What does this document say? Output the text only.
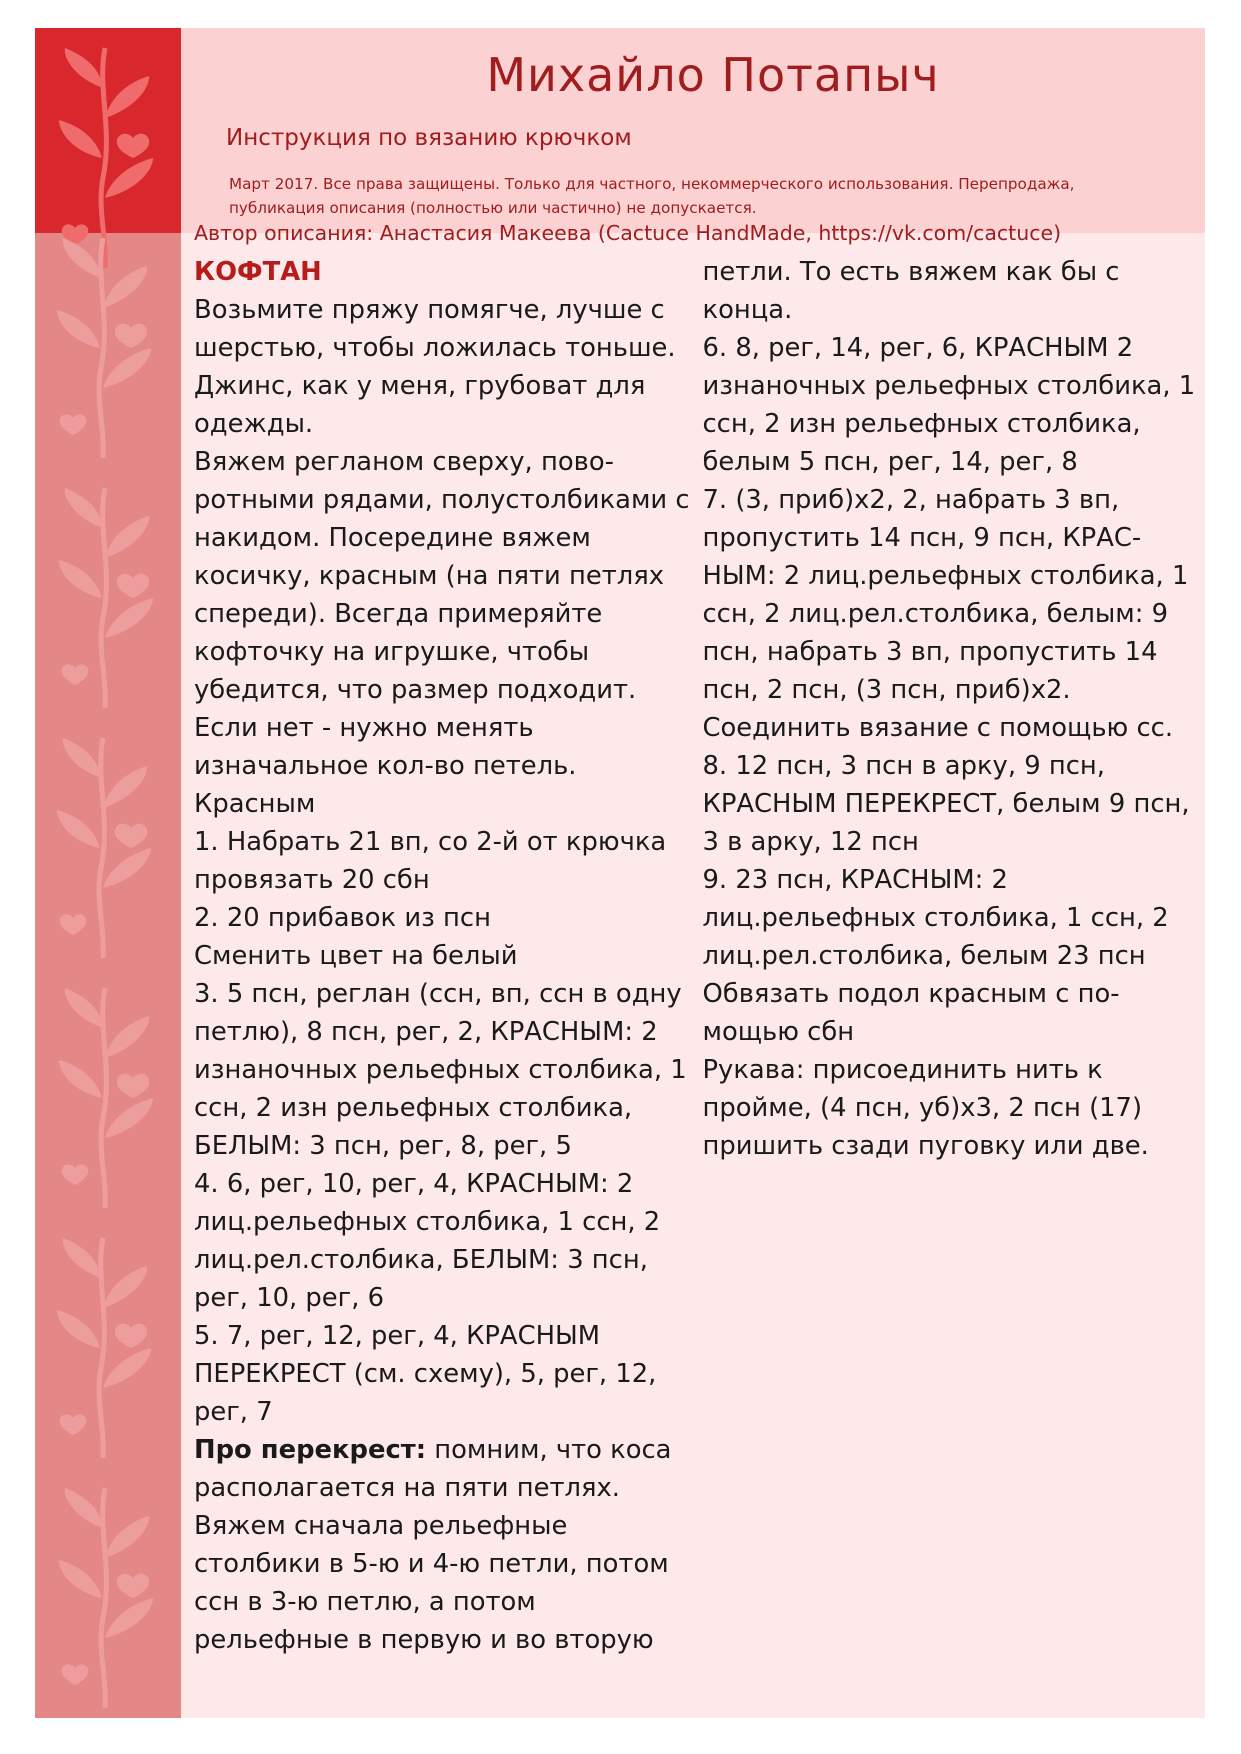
Михайло Потапыч
Инструкция по вязанию крючком
Март 2017. Все права защищены. Только для частного, некоммерческого использования. Перепродажа, публикация описания (полностью или частично) не допускается.
Автор описания: Анастасия Макеева (Cactuce HandMade, https://vk.com/cactuce)

КОФТАН

Возьмите пряжу помягче, лучше с шерстью, чтобы ложилась тоньше. Джинс, как у меня, грубоват для одежды.

Вяжем регланом сверху, поворотными рядами, полустолбиками с накидом. Посередине вяжем косичку, красным (на пяти петлях спереди). Всегда примеряйте кофточку на игрушке, чтобы убедится, что размер подходит. Если нет - нужно менять изначальное кол-во петель.

Красным

1. Набрать 21 вп, со 2-й от крючка провязать 20 сбн

2. 20 прибавок из псн

Сменить цвет на белый

3. 5 псн, реглан (ссн, вп, ссн в одну петлю), 8 псн, рег, 2, КРАСНЫМ: 2 изнаночных рельефных столбика, 1 ссн, 2 изн рельефных столбика, БЕЛЫМ: 3 псн, рег, 8, рег, 5

4. 6, рег, 10, рег, 4, КРАСНЫМ: 2 лиц.рельефных столбика, 1 ссн, 2 лиц.рел.столбика, БЕЛЫМ: 3 псн, рег, 10, рег, 6

5. 7, рег, 12, рег, 4, КРАСНЫМ ПЕРЕКРЕСТ (см. схему), 5, рег, 12, рег, 7

Про перекрест: помним, что коса располагается на пяти петлях. Вяжем сначала рельефные столбики в 5-ю и 4-ю петли, потом ссн в 3-ю петлю, а потом рельефные в первую и во вторую петли. То есть вяжем как бы с конца.

6. 8, рег, 14, рег, 6, КРАСНЫМ 2 изнаночных рельефных столбика, 1 ссн, 2 изн рельефных столбика, белым 5 псн, рег, 14, рег, 8

7. (3, приб)х2, 2, набрать 3 вп, пропустить 14 псн, 9 псн, КРАСНЫМ: 2 лиц.рельефных столбика, 1 ссн, 2 лиц.рел.столбика, белым: 9 псн, набрать 3 вп, пропустить 14 псн, 2 псн, (3 псн, приб)х2. Соединить вязание с помощью сс.

8. 12 псн, 3 псн в арку, 9 псн, КРАСНЫМ ПЕРЕКРЕСТ, белым 9 псн, 3 в арку, 12 псн

9. 23 псн, КРАСНЫМ: 2 лиц.рельефных столбика, 1 ссн, 2 лиц.рел.столбика, белым 23 псн

Обвязать подол красным с помощью сбн

Рукава: присоединить нить к пройме, (4 псн, уб)х3, 2 псн (17)

пришить сзади пуговку или две.
